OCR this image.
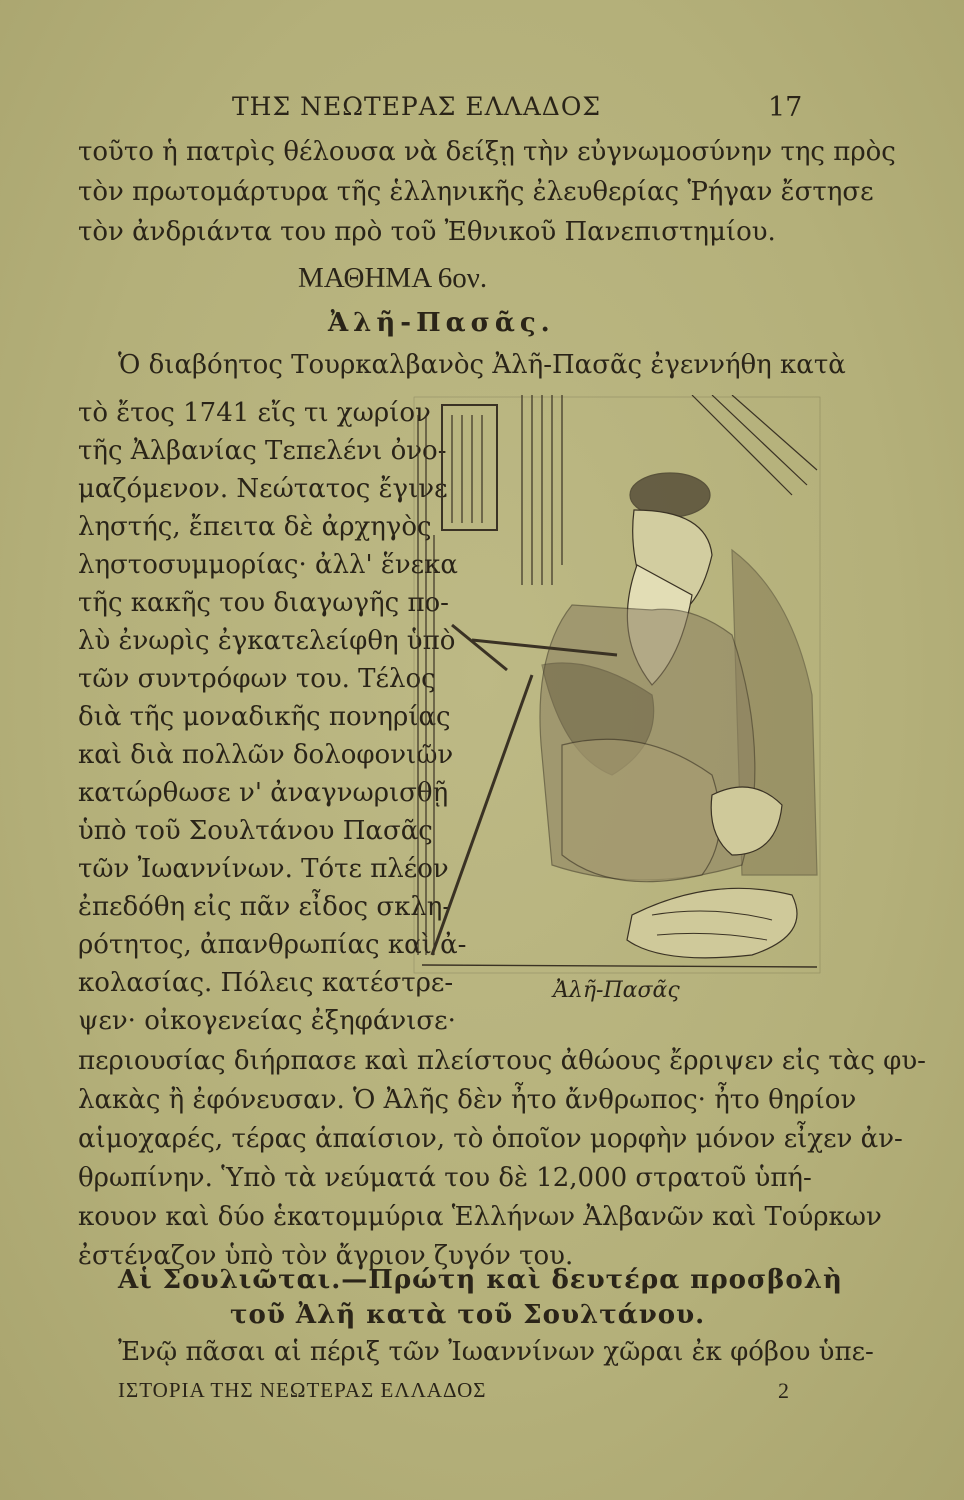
ΤΗΣ ΝΕΩΤΕΡΑΣ ΕΛΛΑΔΟΣ	17
τοῦτο ἡ πατρὶς θέλουσα νὰ δείξῃ τὴν εὐγνωμοσύνην της πρὸς
τὸν πρωτομάρτυρα τῆς ἑλληνικῆς ἐλευθερίας Ῥήγαν ἔστησε
τὸν ἀνδριάντα του πρὸ τοῦ Ἐθνικοῦ Πανεπιστημίου.
ΜΑΘΗΜΑ 6ον.
Ἀλῆ-Πασᾶς.
Ὁ διαβόητος Τουρκαλβανὸς Ἀλῆ-Πασᾶς ἐγεννήθη κατὰ
τὸ ἔτος 1741 εἴς τι χωρίον
τῆς Ἀλβανίας Τεπελένι ὀνο-
μαζόμενον. Νεώτατος ἔγινε
ληστής, ἔπειτα δὲ ἀρχηγὸς
ληστοσυμμορίας· ἀλλ' ἕνεκα
τῆς κακῆς του διαγωγῆς πο-
λὺ ἐνωρὶς ἐγκατελείφθη ὑπὸ
τῶν συντρόφων του. Τέλος
διὰ τῆς μοναδικῆς πονηρίας
καὶ διὰ πολλῶν δολοφονιῶν
κατώρθωσε ν' ἀναγνωρισθῇ
ὑπὸ τοῦ Σουλτάνου Πασᾶς
τῶν Ἰωαννίνων. Τότε πλέον
ἐπεδόθη εἰς πᾶν εἶδος σκλη-
ρότητος, ἀπανθρωπίας καὶ ἀ-
κολασίας. Πόλεις κατέστρε-
ψεν· οἰκογενείας ἐξηφάνισε·
Ἀλῆ-Πασᾶς
περιουσίας διήρπασε καὶ πλείστους ἀθώους ἔρριψεν εἰς τὰς φυ-
λακὰς ἢ ἐφόνευσαν. Ὁ Ἀλῆς δὲν ἦτο ἄνθρωπος· ἦτο θηρίον
αἱμοχαρές, τέρας ἀπαίσιον, τὸ ὁποῖον μορφὴν μόνον εἶχεν ἀν-
θρωπίνην. Ὑπὸ τὰ νεύματά του δὲ 12,000 στρατοῦ ὑπή-
κουον καὶ δύο ἑκατομμύρια Ἑλλήνων Ἀλβανῶν καὶ Τούρκων
ἐστέναζον ὑπὸ τὸν ἄγριον ζυγόν του.
Αἱ Σουλιῶται.—Πρώτη καὶ δευτέρα προσβολὴ
τοῦ Ἀλῆ κατὰ τοῦ Σουλτάνου.
Ἐνῷ πᾶσαι αἱ πέριξ τῶν Ἰωαννίνων χῶραι ἐκ φόβου ὑπε-
ΙΣΤΟΡΙΑ ΤΗΣ ΝΕΩΤΕΡΑΣ ΕΛΛΑΔΟΣ	2
